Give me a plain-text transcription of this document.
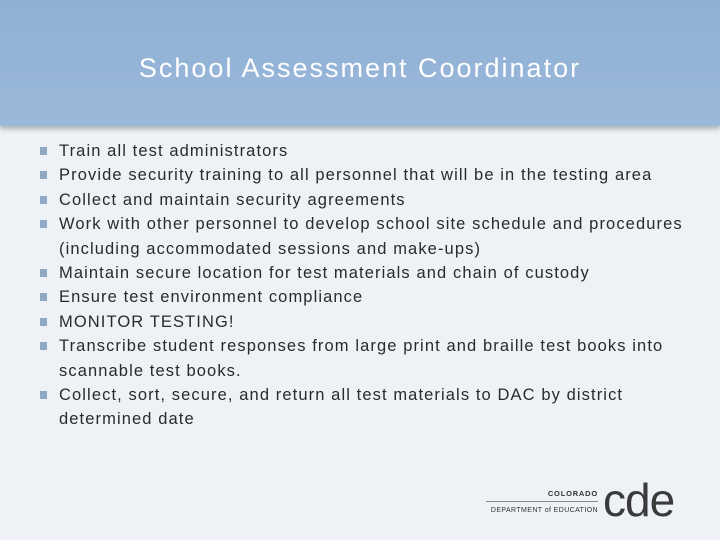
School Assessment Coordinator
Train all test administrators
Provide security training to all personnel that will be in the testing area
Collect and maintain security agreements
Work with other personnel to develop school site schedule and procedures (including accommodated sessions and make-ups)
Maintain secure location for test materials and chain of custody
Ensure test environment compliance
MONITOR TESTING!
Transcribe student responses from large print and braille test books into scannable test books.
Collect, sort, secure, and return all test materials to DAC by district determined date
COLORADO
DEPARTMENT of EDUCATION cde
